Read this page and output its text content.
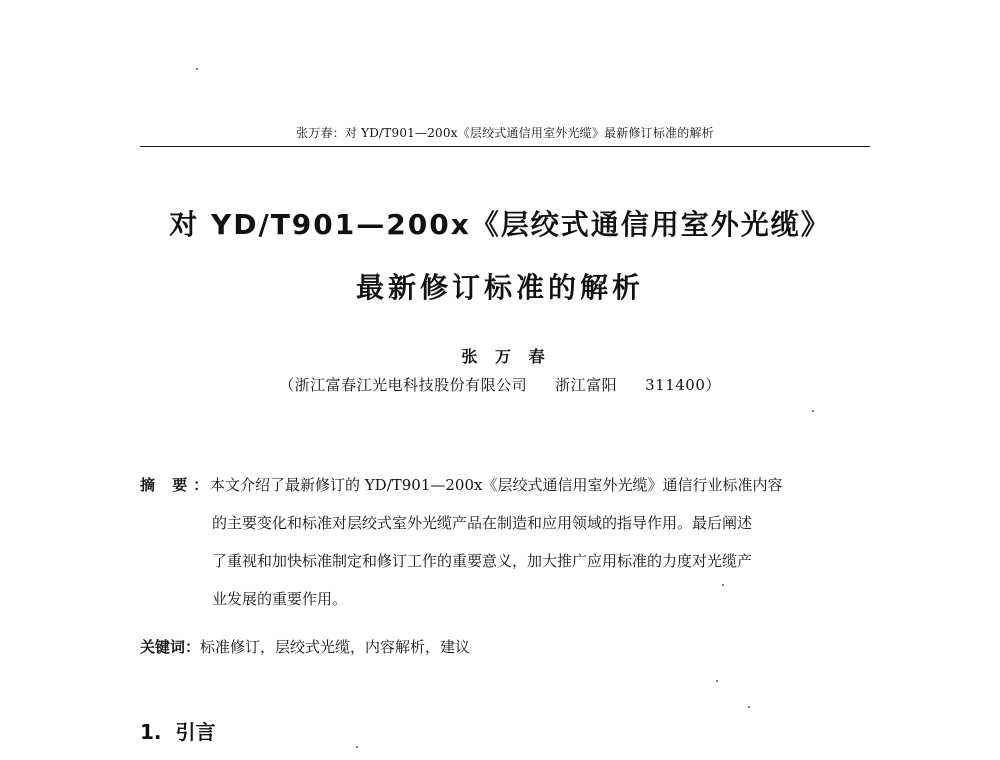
张万春：对 YD/T901—200x《层绞式通信用室外光缆》最新修订标准的解析
对 YD/T901—200x《层绞式通信用室外光缆》
最新修订标准的解析
张 万 春
（浙江富春江光电科技股份有限公司 浙江富阳 311400）
摘 要：
本文介绍了最新修订的 YD/T901—200x《层绞式通信用室外光缆》通信行业标准内容
的主要变化和标准对层绞式室外光缆产品在制造和应用领域的指导作用。最后阐述
了重视和加快标准制定和修订工作的重要意义，加大推广应用标准的力度对光缆产
业发展的重要作用。
关键词：标准修订，层绞式光缆，内容解析，建议
1. 引言
